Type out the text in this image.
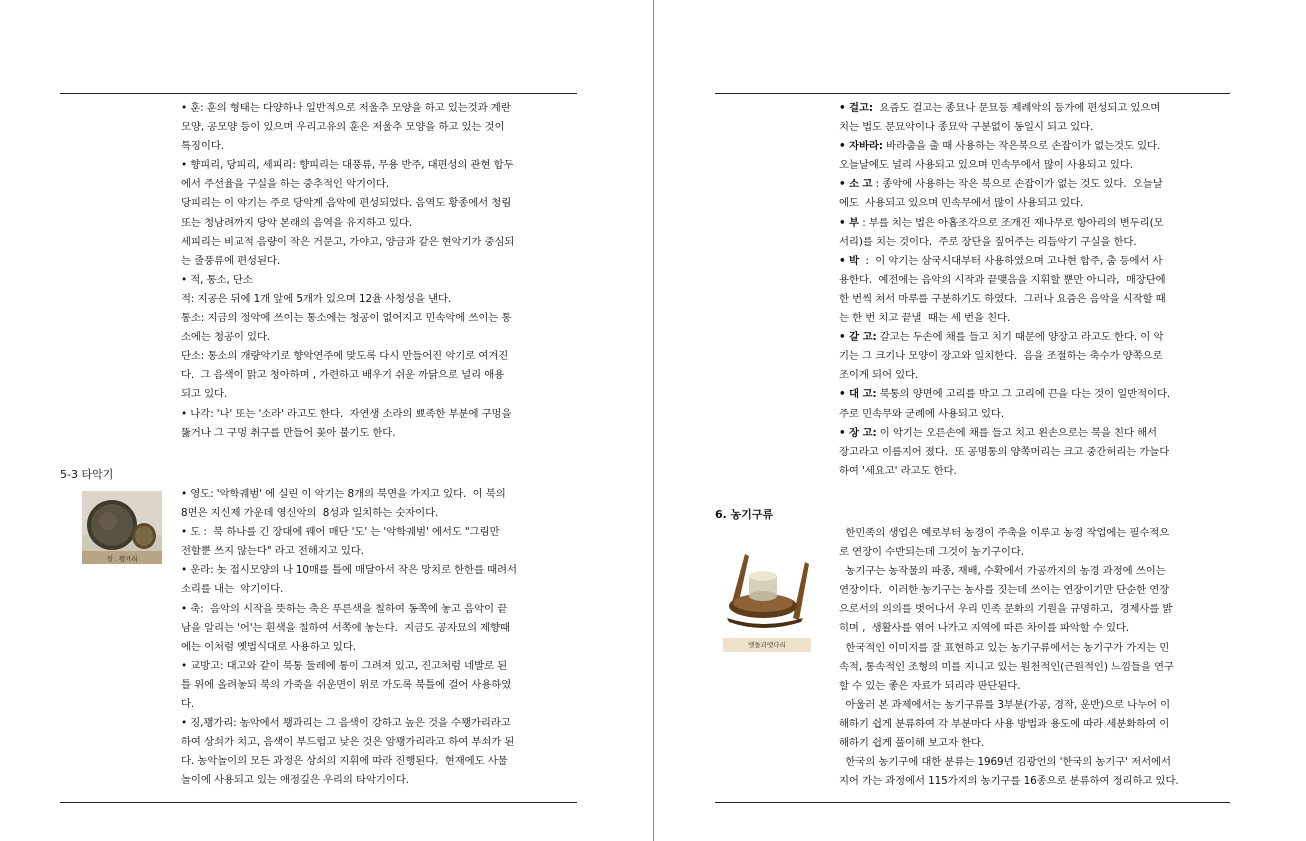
• 훈: 훈의 형태는 다양하나 일반적으로 저울추 모양을 하고 있는것과 계란

모양, 공모양 등이 있으며 우리고유의 훈은 저울추 모양을 하고 있는 것이

특징이다.

• 향피리, 당피리, 세피리: 향피리는 대풍류, 무용 반주, 대편성의 관현 합두

에서 주선율을 구실을 하는 중추적인 악기이다.

당피리는 이 악기는 주로 당악계 음악에 편성되었다. 음역도 황종에서 청림

또는 청남려까지 당악 본래의 음역을 유지하고 있다.

세피리는 비교적 음량이 작은 거문고, 가야고, 양금과 같은 현악기가 중심되

는 줄풍류에 편성된다.

• 적, 통소, 단소

적: 지공은 뒤에 1개 앞에 5개가 있으며 12율 사청성을 낸다.

통소: 지금의 정악에 쓰이는 통소에는 청공이 없어지고 민속악에 쓰이는 통

소에는 청공이 있다.

단소: 통소의 개량악기로 향악연주에 맞도록 다시 만들어진 악기로 여겨진

다.  그 음색이 맑고 청아하며 , 가련하고 배우기 쉬운 까닭으로 널리 애용

되고 있다.

• 나각: '나' 또는 '소라' 라고도 한다.  자연생 소라의 뾰족한 부분에 구멍을

뚫거나 그 구멍 취구를 만들어 꽂아 불기도 한다.

5-3 타악기
징 . 꽹가리

• 영도: '악학궤범' 에 실린 이 악기는 8개의 북면을 가지고 있다.  이 북의

8면은 지신제 가운데 영신악의  8성과 일치하는 숫자이다.

• 도 :  북 하나를 긴 장대에 꿰어 매단 '도' 는 '악학궤범' 에서도 "그림만

전할뿐 쓰지 않는다" 라고 전해지고 있다.

• 운라: 놋 접시모양의 나 10매를 틀에 매달아서 작은 망치로 한한를 때려서

소리를 내는  악기이다.

• 축:  음악의 시작을 뜻하는 축은 푸른색을 칠하여 동쪽에 놓고 음악이 끝

남을 알리는 '어'는 흰색을 칠하여 서쪽에 놓는다.  지금도 공자묘의 제향때

에는 이처럼 옛법식대로 사용하고 있다.

• 교방고: 대고와 같이 북통 둘레에 통이 그려져 있고, 진고처럼 네발로 된

틀 위에 올려놓되 북의 가죽을 쉬운면이 위로 가도록 북틀에 걸어 사용하였

다.

• 징,꽹가리: 농악에서 꽹과리는 그 음색이 강하고 높은 것을 수꽹가리라고

하여 상쇠가 치고, 음색이 부드럽고 낮은 것은 암꽹가리라고 하여 부쇠가 된

다. 농악놀이의 모든 과정은 상쇠의 지휘에 따라 진행된다.  현재에도 사물

놀이에 사용되고 있는 애정깊은 우리의 타악기이다.

• 걸고:  요즘도 걸고는 종묘나 문묘등 제례악의 등가에 편성되고 있으며

치는 법도 문묘악이나 종묘악 구분없이 동일시 되고 있다.

• 자바라: 바라춤을 출 때 사용하는 작은북으로 손잡이가 없는것도 있다.

오늘날에도 널리 사용되고 있으며 민속무에서 많이 사용되고 있다.

• 소 고 : 종악에 사용하는 작은 북으로 손잡이가 없는 것도 있다.  오늘날

에도  사용되고 있으며 민속무에서 많이 사용되고 있다.

• 부 : 부를 치는 법은 아홉조각으로 조개진 재나무로 항아리의 변두리(모

서리)를 치는 것이다.  주로 장단을 짚어주는 리듬악기 구실을 한다.

• 박  :  이 악기는 삼국시대부터 사용하였으며 고나현 합주, 춤 등에서 사

용한다.  예전에는 음악의 시작과 끝맺음을 지휘할 뿐만 아니라,  매장단에

한 번씩 쳐서 마루를 구분하기도 하였다.  그러나 요즘은 음악을 시작할 때

는 한 번 치고 끝낼  때는 세 번을 친다.

• 갈 고: 갈고는 두손에 채를 들고 치기 때문에 양장고 라고도 한다. 이 악

기는 그 크기나 모양이 장고와 일치한다.  음을 조절하는 축수가 양쪽으로

조이게 되어 있다.

• 대 고: 북통의 양면에 고리를 박고 그 고리에 끈을 다는 것이 일반적이다.

주로 민속무와 군례에 사용되고 있다.

• 장 고: 이 악기는 오른손에 채를 들고 치고 왼손으로는 북을 친다 해서

장고라고 이름지어 졌다.  또 공명통의 양쪽머리는 크고 중간허리는 가늘다

하여 '세요고' 라고도 한다.

6. 농기구류
맷돌과맷다리

한민족의 생업은 예로부터 농경이 주축을 이루고 농경 작업에는 필수적으

로 연장이 수반되는데 그것이 농기구이다.

농기구는 농작물의 파종, 재배, 수확에서 가공까지의 농경 과정에 쓰이는

연장이다.  이러한 농기구는 농사를 짓는데 쓰이는 연장이기만 단순한 연장

으로서의 의의를 벗어나서 우리 민족 문화의 기원을 규명하고,  경제사를 밝

히며 ,  생활사를 엮어 나가고 지역에 따른 차이를 파악할 수 있다.

한국적인 이미지를 잘 표현하고 있는 농기구류에서는 농기구가 가지는 민

속적, 통속적인 조형의 미를 지니고 있는 원천적인(근원적인) 느낌들을 연구

할 수 있는 좋은 자료가 되리라 판단된다.

아울러 본 과제에서는 농기구류를 3부분(가공, 경작, 운반)으로 나누어 이

해하기 쉽게 분류하여 각 부분마다 사용 방법과 용도에 따라 세분화하여 이

해하기 쉽게 풀이해 보고자 한다.

한국의 농기구에 대한 분류는 1969년 김광언의 '한국의 농기구' 저서에서

지어 가는 과정에서 115가지의 농기구를 16종으로 분류하여 정리하고 있다.
